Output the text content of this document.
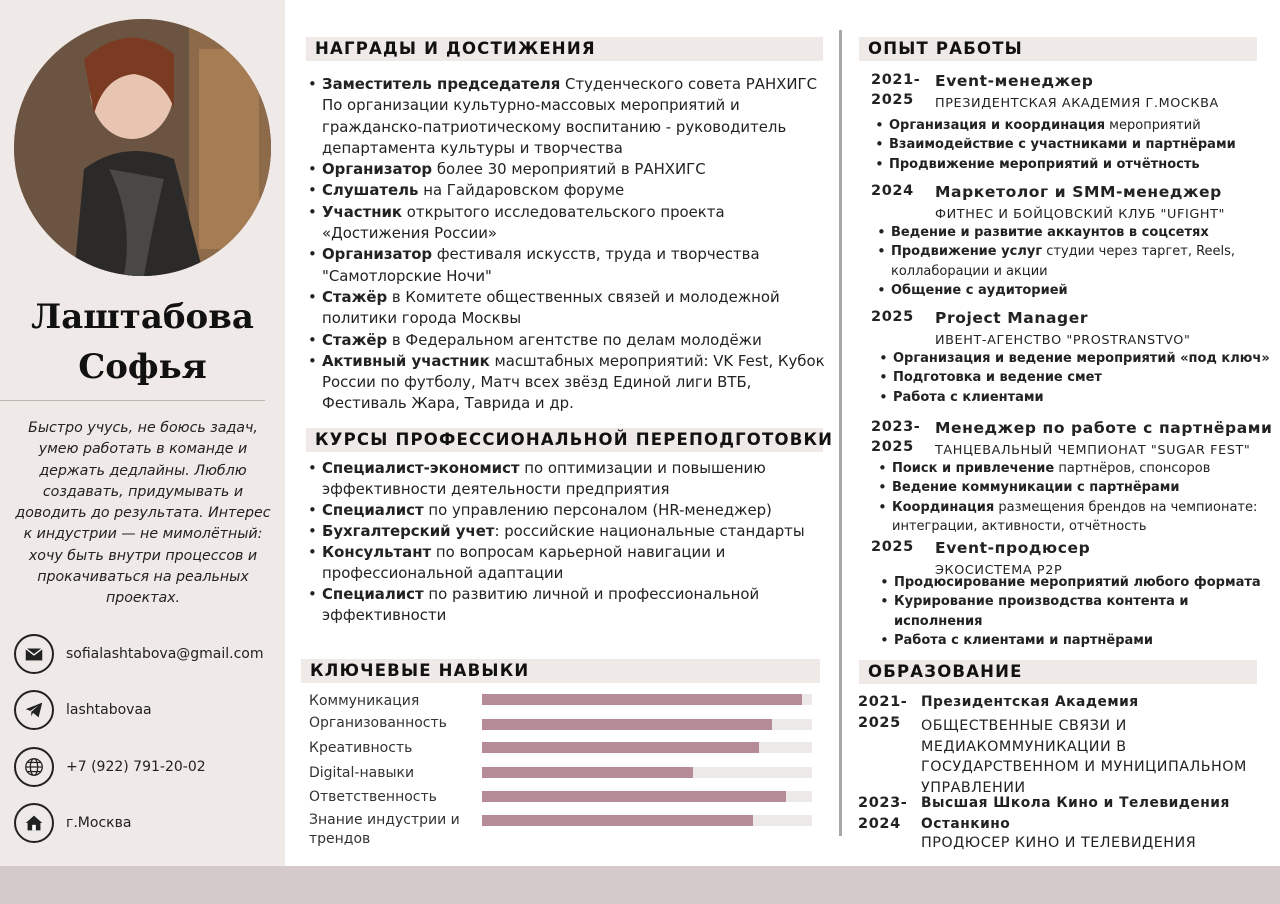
Лаштабова
Софья
Быстро учусь, не боюсь задач, умею работать в команде и держать дедлайны. Люблю создавать, придумывать и доводить до результата. Интерес к индустрии — не мимолётный: хочу быть внутри процессов и прокачиваться на реальных проектах.
sofialashtabova@gmail.com
lashtabovaa
+7 (922) 791-20-02
г.Москва
НАГРАДЫ И ДОСТИЖЕНИЯ
• Заместитель председателя Студенческого совета РАНХИГС По организации культурно-массовых мероприятий и гражданско-патриотическому воспитанию - руководитель департамента культуры и творчества
• Организатор более 30 мероприятий в РАНХИГС
• Слушатель на Гайдаровском форуме
• Участник открытого исследовательского проекта «Достижения России»
• Организатор фестиваля искусств, труда и творчества "Самотлорские Ночи"
• Стажёр в Комитете общественных связей и молодежной политики города Москвы
• Стажёр в Федеральном агентстве по делам молодёжи
• Активный участник масштабных мероприятий: VK Fest, Кубок России по футболу, Матч всех звёзд Единой лиги ВТБ, Фестиваль Жара, Таврида и др.
КУРСЫ ПРОФЕССИОНАЛЬНОЙ ПЕРЕПОДГОТОВКИ
• Специалист-экономист по оптимизации и повышению эффективности деятельности предприятия
• Специалист по управлению персоналом (HR-менеджер)
• Бухгалтерский учет: российские национальные стандарты
• Консультант по вопросам карьерной навигации и профессиональной адаптации
• Специалист по развитию личной и профессиональной эффективности
КЛЮЧЕВЫЕ НАВЫКИ
Коммуникация
Организованность
Креативность
Digital-навыки
Ответственность
Знание индустрии и трендов
ОПЫТ РАБОТЫ
2021-
2025
Event-менеджер
ПРЕЗИДЕНТСКАЯ АКАДЕМИЯ Г.МОСКВА
• Организация и координация мероприятий
• Взаимодействие с участниками и партнёрами
• Продвижение мероприятий и отчётность
2024 Маркетолог и SMM-менеджер
ФИТНЕС И БОЙЦОВСКИЙ КЛУБ "UFIGHT"
• Ведение и развитие аккаунтов в соцсетях
• Продвижение услуг студии через таргет, Reels, коллаборации и акции
• Общение с аудиторией
2025 Project Manager
ИВЕНТ-АГЕНСТВО "PROSTRANSTVO"
• Организация и ведение мероприятий «под ключ»
• Подготовка и ведение смет
• Работа с клиентами
2023-
2025
Менеджер по работе с партнёрами
ТАНЦЕВАЛЬНЫЙ ЧЕМПИОНАТ "SUGAR FEST"
• Поиск и привлечение партнёров, спонсоров
• Ведение коммуникации с партнёрами
• Координация размещения брендов на чемпионате: интеграции, активности, отчётность
2025 Event-продюсер
ЭКОСИСТЕМА P2P
• Продюсирование мероприятий любого формата
• Курирование производства контента и исполнения
• Работа с клиентами и партнёрами
ОБРАЗОВАНИЕ
2021-
2025
Президентская Академия
ОБЩЕСТВЕННЫЕ СВЯЗИ И МЕДИАКОММУНИКАЦИИ В ГОСУДАРСТВЕННОМ И МУНИЦИПАЛЬНОМ УПРАВЛЕНИИ
2023-
2024
Высшая Школа Кино и Телевидения Останкино
ПРОДЮСЕР КИНО И ТЕЛЕВИДЕНИЯ
